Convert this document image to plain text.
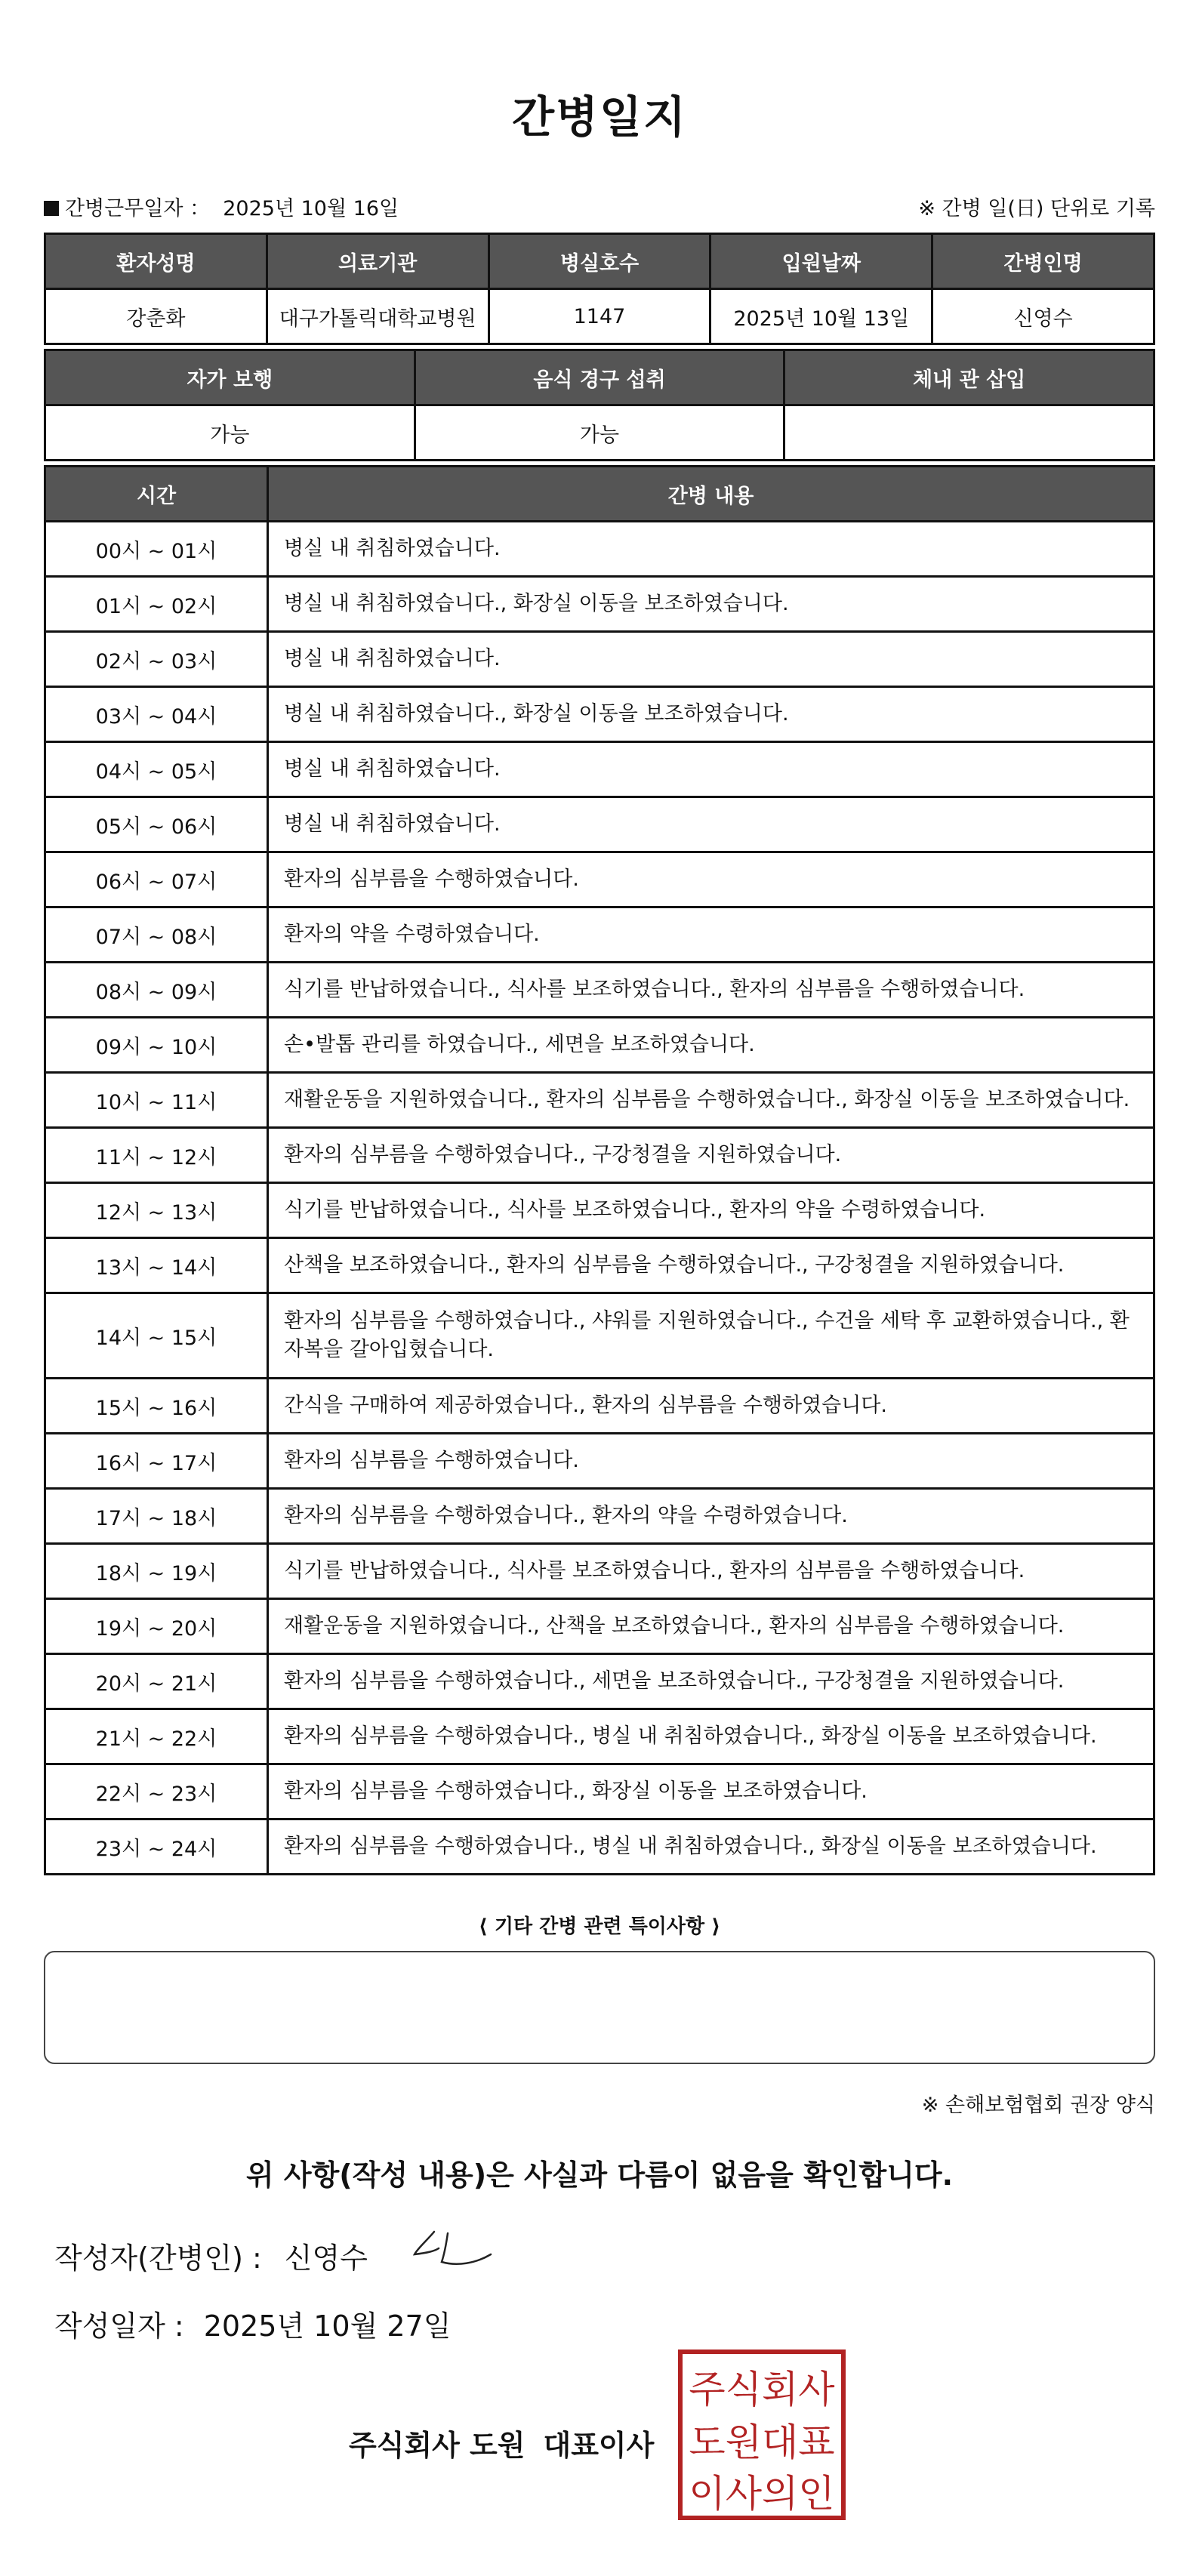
간병일지
간병근무일자 ： 2025년 10월 16일	※ 간병 일(日) 단위로 기록
환자성명	의료기관	병실호수	입원날짜	간병인명
강춘화	대구가톨릭대학교병원	1147	2025년 10월 13일	신영수
자가 보행	음식 경구 섭취	체내 관 삽입
가능	가능	
시간	간병 내용
00시 ~ 01시	병실 내 취침하였습니다.
01시 ~ 02시	병실 내 취침하였습니다., 화장실 이동을 보조하였습니다.
02시 ~ 03시	병실 내 취침하였습니다.
03시 ~ 04시	병실 내 취침하였습니다., 화장실 이동을 보조하였습니다.
04시 ~ 05시	병실 내 취침하였습니다.
05시 ~ 06시	병실 내 취침하였습니다.
06시 ~ 07시	환자의 심부름을 수행하였습니다.
07시 ~ 08시	환자의 약을 수령하였습니다.
08시 ~ 09시	식기를 반납하였습니다., 식사를 보조하였습니다., 환자의 심부름을 수행하였습니다.
09시 ~ 10시	손•발톱 관리를 하였습니다., 세면을 보조하였습니다.
10시 ~ 11시	재활운동을 지원하였습니다., 환자의 심부름을 수행하였습니다., 화장실 이동을 보조하였습니다.
11시 ~ 12시	환자의 심부름을 수행하였습니다., 구강청결을 지원하였습니다.
12시 ~ 13시	식기를 반납하였습니다., 식사를 보조하였습니다., 환자의 약을 수령하였습니다.
13시 ~ 14시	산책을 보조하였습니다., 환자의 심부름을 수행하였습니다., 구강청결을 지원하였습니다.
14시 ~ 15시	환자의 심부름을 수행하였습니다., 샤워를 지원하였습니다., 수건을 세탁 후 교환하였습니다., 환자복을 갈아입혔습니다.
15시 ~ 16시	간식을 구매하여 제공하였습니다., 환자의 심부름을 수행하였습니다.
16시 ~ 17시	환자의 심부름을 수행하였습니다.
17시 ~ 18시	환자의 심부름을 수행하였습니다., 환자의 약을 수령하였습니다.
18시 ~ 19시	식기를 반납하였습니다., 식사를 보조하였습니다., 환자의 심부름을 수행하였습니다.
19시 ~ 20시	재활운동을 지원하였습니다., 산책을 보조하였습니다., 환자의 심부름을 수행하였습니다.
20시 ~ 21시	환자의 심부름을 수행하였습니다., 세면을 보조하였습니다., 구강청결을 지원하였습니다.
21시 ~ 22시	환자의 심부름을 수행하였습니다., 병실 내 취침하였습니다., 화장실 이동을 보조하였습니다.
22시 ~ 23시	환자의 심부름을 수행하였습니다., 화장실 이동을 보조하였습니다.
23시 ~ 24시	환자의 심부름을 수행하였습니다., 병실 내 취침하였습니다., 화장실 이동을 보조하였습니다.
⟨ 기타 간병 관련 특이사항 ⟩
※ 손해보험협회 권장 양식
위 사항(작성 내용)은 사실과 다름이 없음을 확인합니다.
작성자(간병인) : 신영수
작성일자 : 2025년 10월 27일
주식회사 도원 대표이사
주식회사
도원대표
이사의인
